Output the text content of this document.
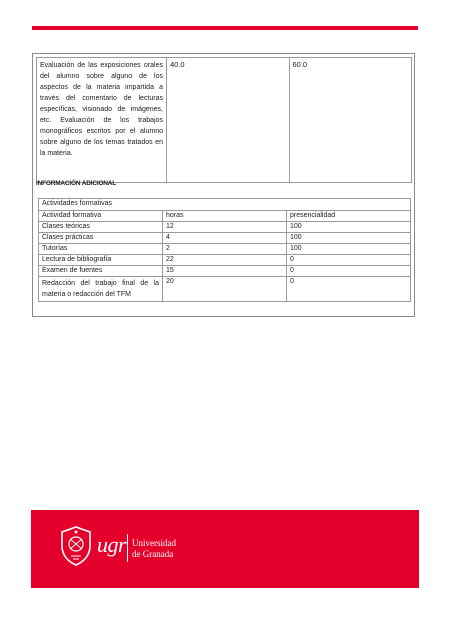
Evaluación de las exposiciones orales del alumno sobre alguno de los aspectos de la materia impartida a través del comentario de lecturas específicas, visionado de imágenes, etc. Evaluación de los trabajos monográficos escritos por el alumno sobre alguno de los temas tratados en la materia.	40.0	60.0
INFORMACIÓN ADICIONAL
Actividades formativas		
Actividad formativa	horas	presencialidad
Clases teóricas	12	100
Clases prácticas	4	100
Tutorías	2	100
Lectura de bibliografía	22	0
Examen de fuentes	15	0
Redacción del trabajo final de la materia o redacción del TFM	20	0
ugr Universidad
de Granada
